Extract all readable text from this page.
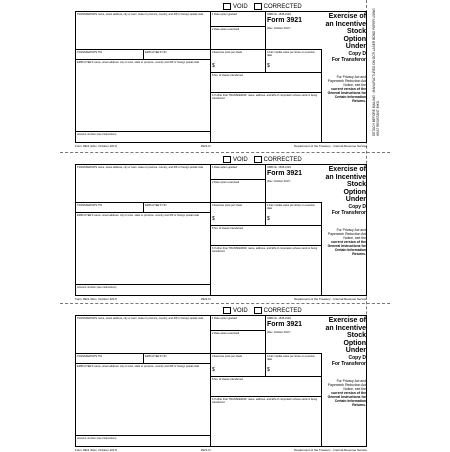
DETACH BEFORE MAILING · MANUFACTURED ON OCR LASER BOND PAPER USING HEAT RESISTANT INKS
VOID	CORRECTED
TRANSFEROR'S name, street address, city or town, state or province, country, and ZIP or foreign postal code
TRANSFEROR'S TIN	EMPLOYEE'S TIN
EMPLOYEE'S name, street address, city or town, state or province, country and ZIP or foreign postal code
Account number (see instructions)
1 Date option granted
2 Date option exercised
3 Exercise price per share
$
4 Fair market value per share on exercise date
$
5 No. of shares transferred
6 If other than TRANSFEROR, name, address, and EIN of corporation whose stock is being transferred
OMB No. 1545-2129
Form 3921
(Rev. October 2017)
Exercise of an Incentive Stock Option Under
Copy D
For Transferor
For Privacy Act and Paperwork Reduction Act Notice, see the
current version of the General Instructions for Certain Information Returns.
Form 3921 (Rev. October 2017)	3921-D	Department of the Treasury - Internal Revenue Service
VOID	CORRECTED
TRANSFEROR'S name, street address, city or town, state or province, country, and ZIP or foreign postal code
TRANSFEROR'S TIN	EMPLOYEE'S TIN
EMPLOYEE'S name, street address, city or town, state or province, country and ZIP or foreign postal code
Account number (see instructions)
1 Date option granted
2 Date option exercised
3 Exercise price per share
$
4 Fair market value per share on exercise date
$
5 No. of shares transferred
6 If other than TRANSFEROR, name, address, and EIN of corporation whose stock is being transferred
OMB No. 1545-2129
Form 3921
(Rev. October 2017)
Exercise of an Incentive Stock Option Under
Copy D
For Transferor
For Privacy Act and Paperwork Reduction Act Notice, see the
current version of the General Instructions for Certain Information Returns.
Form 3921 (Rev. October 2017)	3921-D	Department of the Treasury - Internal Revenue Service
VOID	CORRECTED
TRANSFEROR'S name, street address, city or town, state or province, country, and ZIP or foreign postal code
TRANSFEROR'S TIN	EMPLOYEE'S TIN
EMPLOYEE'S name, street address, city or town, state or province, country and ZIP or foreign postal code
Account number (see instructions)
1 Date option granted
2 Date option exercised
3 Exercise price per share
$
4 Fair market value per share on exercise date
$
5 No. of shares transferred
6 If other than TRANSFEROR, name, address, and EIN of corporation whose stock is being transferred
OMB No. 1545-2129
Form 3921
(Rev. October 2017)
Exercise of an Incentive Stock Option Under
Copy D
For Transferor
For Privacy Act and Paperwork Reduction Act Notice, see the
current version of the General Instructions for Certain Information Returns.
Form 3921 (Rev. October 2017)	3921-D	Department of the Treasury - Internal Revenue Service
